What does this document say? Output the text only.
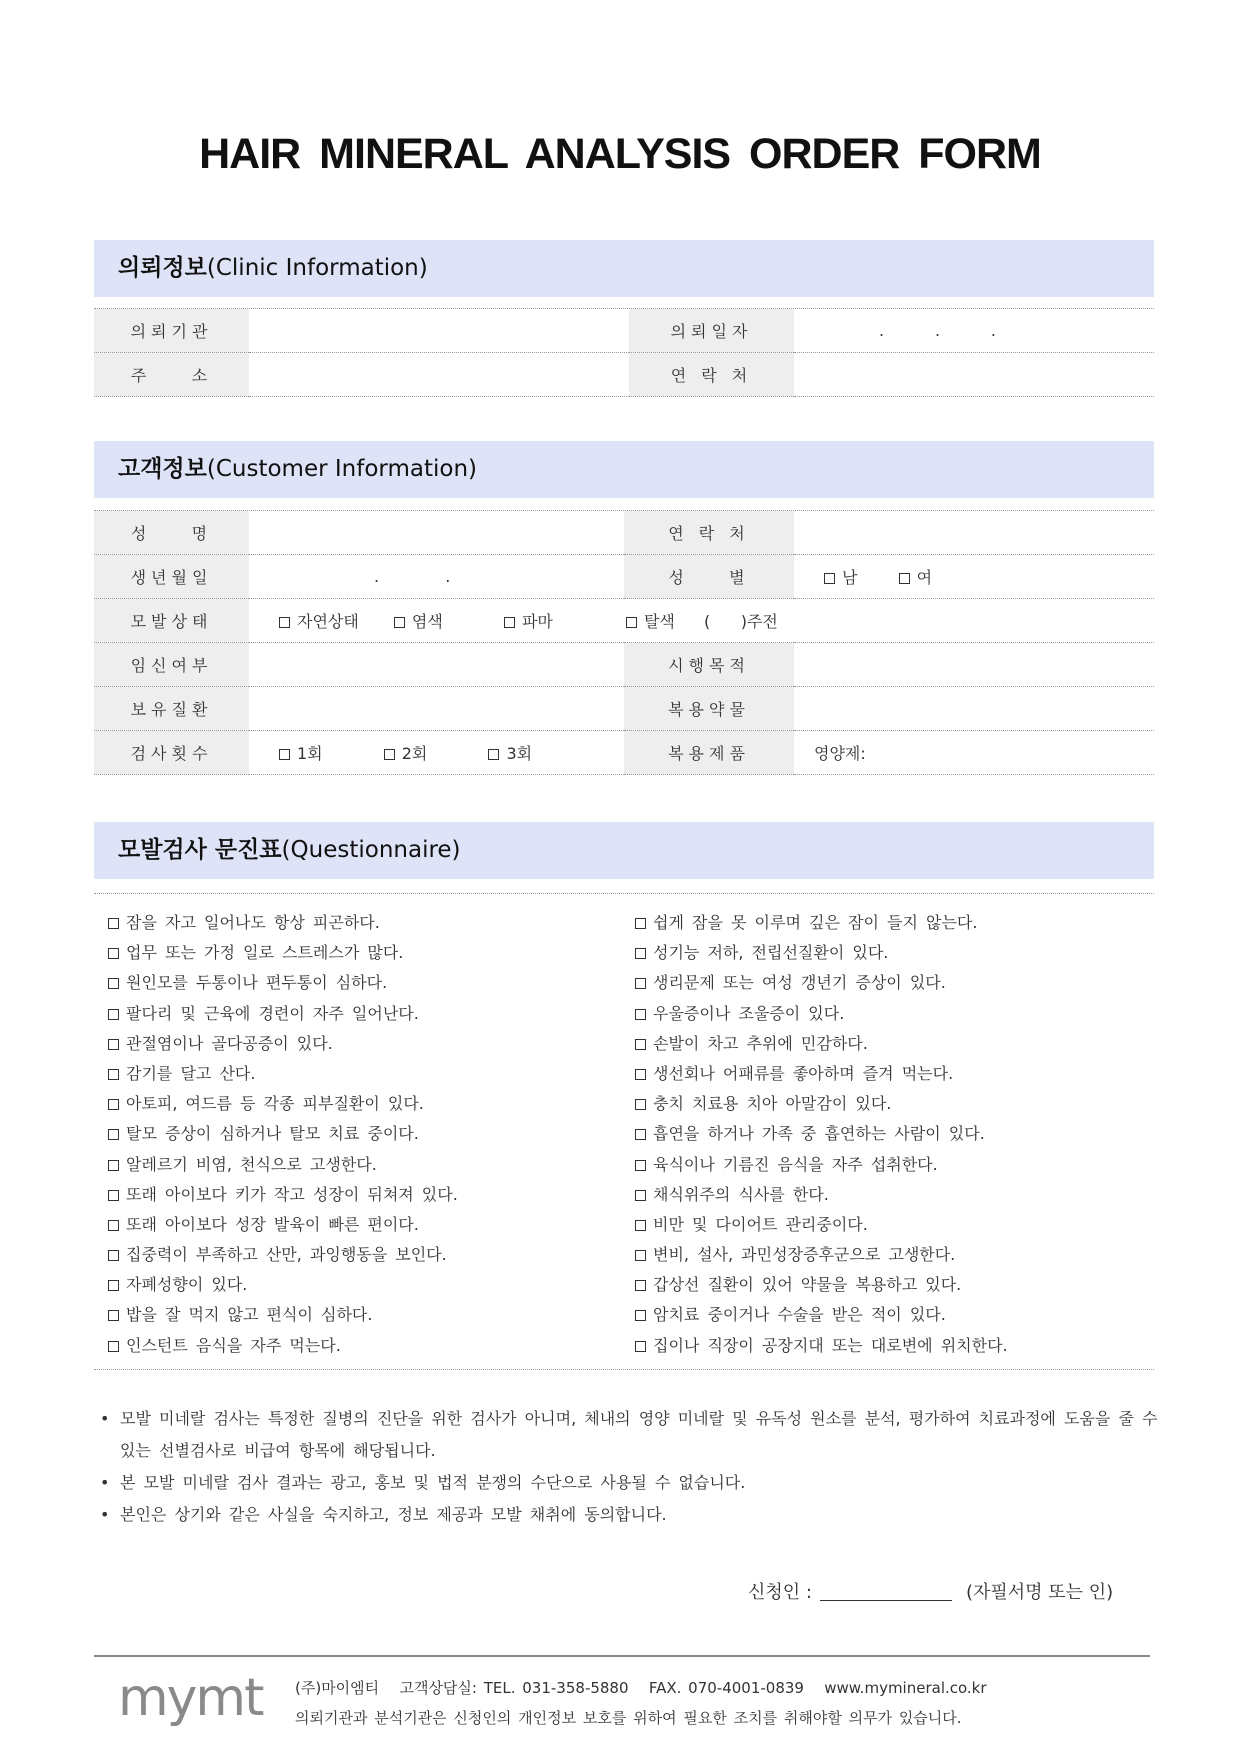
HAIR MINERAL ANALYSIS ORDER FORM
의뢰정보(Clinic Information)
의뢰기관		의뢰일자	.          .          .
주    소		연 락 처	
고객정보(Customer Information)
성    명		연 락 처	
생년월일	.             .	성    별	남 여
모발상태	자연상태 염색 파마 탈색 (      )주전		
임신여부		시행목적	
보유질환		복용약물	
검사횟수	1회 2회 3회	복용제품	영양제:
모발검사 문진표(Questionnaire)
잠을 자고 일어나도 항상 피곤하다.
업무 또는 가정 일로 스트레스가 많다.
원인모를 두통이나 편두통이 심하다.
팔다리 및 근육에 경련이 자주 일어난다.
관절염이나 골다공증이 있다.
감기를 달고 산다.
아토피, 여드름 등 각종 피부질환이 있다.
탈모 증상이 심하거나 탈모 치료 중이다.
알레르기 비염, 천식으로 고생한다.
또래 아이보다 키가 작고 성장이 뒤쳐져 있다.
또래 아이보다 성장 발육이 빠른 편이다.
집중력이 부족하고 산만, 과잉행동을 보인다.
자폐성향이 있다.
밥을 잘 먹지 않고 편식이 심하다.
인스턴트 음식을 자주 먹는다.
쉽게 잠을 못 이루며 깊은 잠이 들지 않는다.
성기능 저하, 전립선질환이 있다.
생리문제 또는 여성 갱년기 증상이 있다.
우울증이나 조울증이 있다.
손발이 차고 추위에 민감하다.
생선회나 어패류를 좋아하며 즐겨 먹는다.
충치 치료용 치아 아말감이 있다.
흡연을 하거나 가족 중 흡연하는 사람이 있다.
육식이나 기름진 음식을 자주 섭취한다.
채식위주의 식사를 한다.
비만 및 다이어트 관리중이다.
변비, 설사, 과민성장증후군으로 고생한다.
갑상선 질환이 있어 약물을 복용하고 있다.
암치료 중이거나 수술을 받은 적이 있다.
집이나 직장이 공장지대 또는 대로변에 위치한다.
• 모발 미네랄 검사는 특정한 질병의 진단을 위한 검사가 아니며, 체내의 영양 미네랄 및 유독성 원소를 분석, 평가하여 치료과정에 도움을 줄 수 있는 선별검사로 비급여 항목에 해당됩니다.
• 본 모발 미네랄 검사 결과는 광고, 홍보 및 법적 분쟁의 수단으로 사용될 수 없습니다.
• 본인은 상기와 같은 사실을 숙지하고, 정보 제공과 모발 채취에 동의합니다.
신청인 :	(자필서명 또는 인)
mymt (주)마이엠티   고객상담실: TEL. 031-358-5880   FAX. 070-4001-0839   www.mymineral.co.kr
의뢰기관과 분석기관은 신청인의 개인정보 보호를 위하여 필요한 조치를 취해야할 의무가 있습니다.
